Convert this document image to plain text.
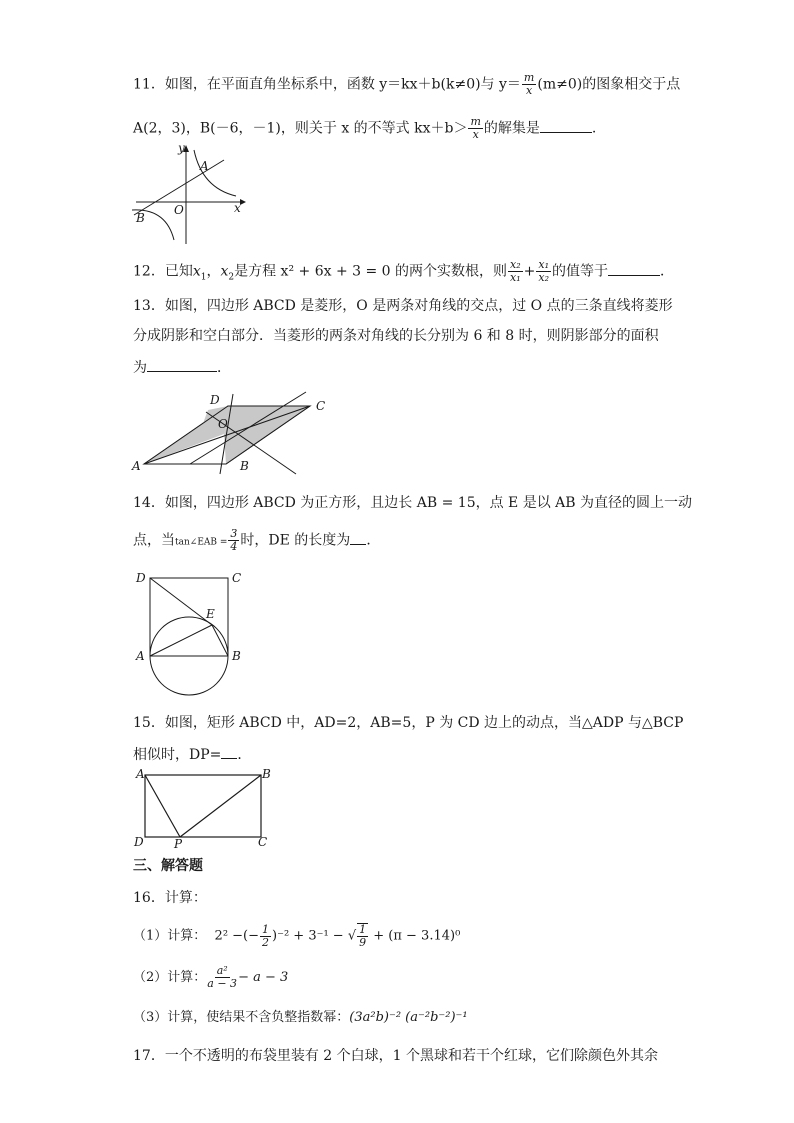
11．如图，在平面直角坐标系中，函数 y＝kx＋b(k≠0)与 $y= \frac{m}{x} (m\ne 0)$的图象相交于点
A(2，3)，B(－6，－1)，则关于 x 的不等式 $kx+b> \frac{m}{x}$ 的解集是	.
y
x
A
B
O
12．已知$x_1$，$x_2$是方程 x² + 6x + 3 = 0 的两个实数根，则 $\frac{\text{x₂}}{\text{x₁}} + \frac{\text{x₁}}{\text{x₂}}$ 的值等于	．
13．如图，四边形 ABCD 是菱形，O 是两条对角线的交点，过 O 点的三条直线将菱形
分成阴影和空白部分．当菱形的两条对角线的长分别为 6 和 8 时，则阴影部分的面积
为	．
A	B
C
D
O
14．如图，四边形 ABCD 为正方形，且边长 AB = 15，点 E 是以 AB 为直径的圆上一动
点，当tan∠EAB = $\frac{3}{4}$ 时，DE 的长度为 ．
D	C
A	B
E
15．如图，矩形 ABCD 中，AD=2，AB=5，P 为 CD 边上的动点，当△ADP 与△BCP
相似时，DP= ．
A	B
D	C
P
三、解答题
16．计算：
（1）计算： 2² −(− $\frac{1}{2} )^{-2} + 3^{-1}$ − √ $\frac{1}{9} + (\pi - 3.14)^0$
（2）计算： $\frac{\text{a²}}{a - 3} - a - 3$
（3）计算，使结果不含负整指数幂：(3a²b)⁻² (a⁻²b⁻²)⁻¹
17．一个不透明的布袋里装有 2 个白球，1 个黑球和若干个红球，它们除颜色外其余
